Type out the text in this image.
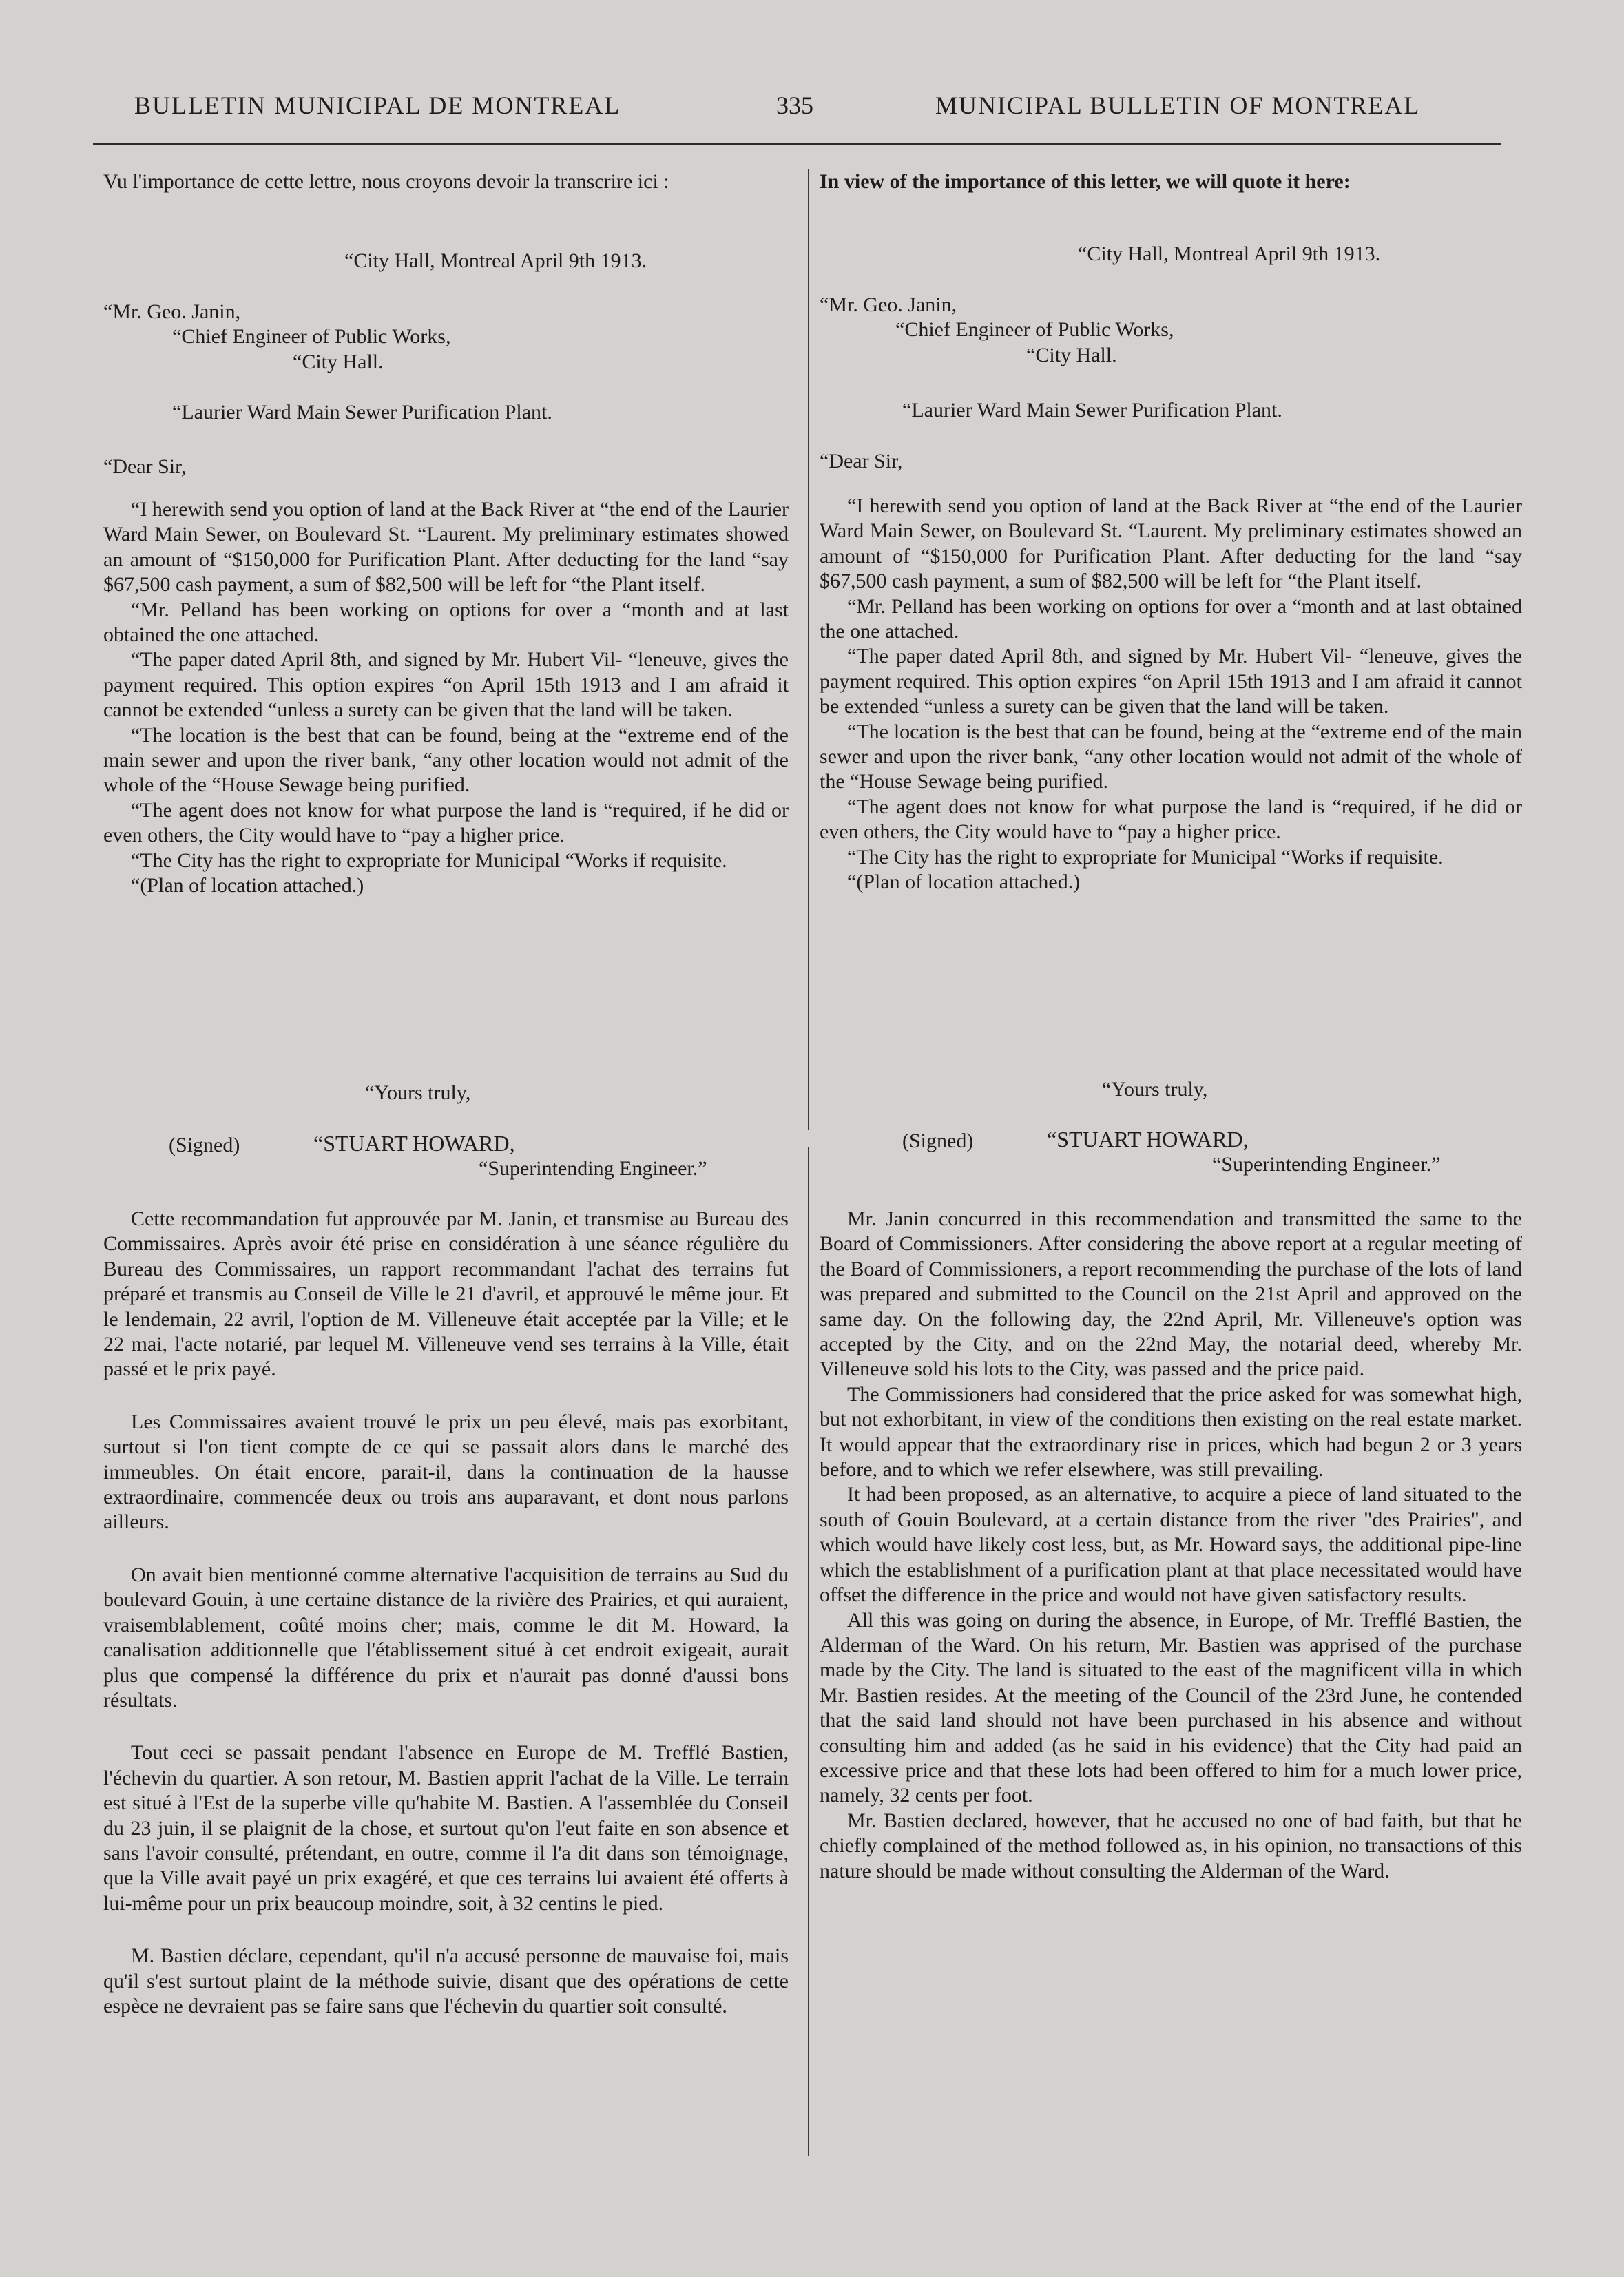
BULLETIN MUNICIPAL DE MONTREAL	335	MUNICIPAL BULLETIN OF MONTREAL
Vu l'importance de cette lettre, nous croyons devoir la transcrire ici :
“City Hall, Montreal April 9th 1913.

“Mr. Geo. Janin,

“Chief Engineer of Public Works,

“City Hall.

“Laurier Ward Main Sewer Purification Plant.
“Dear Sir,

“I herewith send you option of land at the Back River at “the end of the Laurier Ward Main Sewer, on Boulevard St. “Laurent. My preliminary estimates showed an amount of “$150,000 for Purification Plant. After deducting for the land “say $67,500 cash payment, a sum of $82,500 will be left for “the Plant itself.

“Mr. Pelland has been working on options for over a “month and at last obtained the one attached.

“The paper dated April 8th, and signed by Mr. Hubert Vil- “leneuve, gives the payment required. This option expires “on April 15th 1913 and I am afraid it cannot be extended “unless a surety can be given that the land will be taken.

“The location is the best that can be found, being at the “extreme end of the main sewer and upon the river bank, “any other location would not admit of the whole of the “House Sewage being purified.

“The agent does not know for what purpose the land is “required, if he did or even others, the City would have to “pay a higher price.

“The City has the right to expropriate for Municipal “Works if requisite.

“(Plan of location attached.)

“Yours truly,
(Signed)	“STUART HOWARD,
“Superintending Engineer.”

Cette recommandation fut approuvée par M. Janin, et transmise au Bureau des Commissaires. Après avoir été prise en considération à une séance régulière du Bureau des Commissaires, un rapport recommandant l'achat des terrains fut préparé et transmis au Conseil de Ville le 21 d'avril, et approuvé le même jour. Et le lendemain, 22 avril, l'option de M. Villeneuve était acceptée par la Ville; et le 22 mai, l'acte notarié, par lequel M. Villeneuve vend ses terrains à la Ville, était passé et le prix payé.

Les Commissaires avaient trouvé le prix un peu élevé, mais pas exorbitant, surtout si l'on tient compte de ce qui se passait alors dans le marché des immeubles. On était encore, parait-il, dans la continuation de la hausse extraordinaire, commencée deux ou trois ans auparavant, et dont nous parlons ailleurs.

On avait bien mentionné comme alternative l'acquisition de terrains au Sud du boulevard Gouin, à une certaine distance de la rivière des Prairies, et qui auraient, vraisemblablement, coûté moins cher; mais, comme le dit M. Howard, la canalisation additionnelle que l'établissement situé à cet endroit exigeait, aurait plus que compensé la différence du prix et n'aurait pas donné d'aussi bons résultats.

Tout ceci se passait pendant l'absence en Europe de M. Trefflé Bastien, l'échevin du quartier. A son retour, M. Bastien apprit l'achat de la Ville. Le terrain est situé à l'Est de la superbe ville qu'habite M. Bastien. A l'assemblée du Conseil du 23 juin, il se plaignit de la chose, et surtout qu'on l'eut faite en son absence et sans l'avoir consulté, prétendant, en outre, comme il l'a dit dans son témoignage, que la Ville avait payé un prix exagéré, et que ces terrains lui avaient été offerts à lui-même pour un prix beaucoup moindre, soit, à 32 centins le pied.

M. Bastien déclare, cependant, qu'il n'a accusé personne de mauvaise foi, mais qu'il s'est surtout plaint de la méthode suivie, disant que des opérations de cette espèce ne devraient pas se faire sans que l'échevin du quartier soit consulté.

In view of the importance of this letter, we will quote it here:
“City Hall, Montreal April 9th 1913.

“Mr. Geo. Janin,

“Chief Engineer of Public Works,

“City Hall.

“Laurier Ward Main Sewer Purification Plant.
“Dear Sir,

“I herewith send you option of land at the Back River at “the end of the Laurier Ward Main Sewer, on Boulevard St. “Laurent. My preliminary estimates showed an amount of “$150,000 for Purification Plant. After deducting for the land “say $67,500 cash payment, a sum of $82,500 will be left for “the Plant itself.

“Mr. Pelland has been working on options for over a “month and at last obtained the one attached.

“The paper dated April 8th, and signed by Mr. Hubert Vil- “leneuve, gives the payment required. This option expires “on April 15th 1913 and I am afraid it cannot be extended “unless a surety can be given that the land will be taken.

“The location is the best that can be found, being at the “extreme end of the main sewer and upon the river bank, “any other location would not admit of the whole of the “House Sewage being purified.

“The agent does not know for what purpose the land is “required, if he did or even others, the City would have to “pay a higher price.

“The City has the right to expropriate for Municipal “Works if requisite.

“(Plan of location attached.)

“Yours truly,
(Signed)	“STUART HOWARD,
“Superintending Engineer.”

Mr. Janin concurred in this recommendation and transmitted the same to the Board of Commissioners. After considering the above report at a regular meeting of the Board of Commissioners, a report recommending the purchase of the lots of land was prepared and submitted to the Council on the 21st April and approved on the same day. On the following day, the 22nd April, Mr. Villeneuve's option was accepted by the City, and on the 22nd May, the notarial deed, whereby Mr. Villeneuve sold his lots to the City, was passed and the price paid.

The Commissioners had considered that the price asked for was somewhat high, but not exhorbitant, in view of the conditions then existing on the real estate market. It would appear that the extraordinary rise in prices, which had begun 2 or 3 years before, and to which we refer elsewhere, was still prevailing.

It had been proposed, as an alternative, to acquire a piece of land situated to the south of Gouin Boulevard, at a certain distance from the river "des Prairies", and which would have likely cost less, but, as Mr. Howard says, the additional pipe-line which the establishment of a purification plant at that place necessitated would have offset the difference in the price and would not have given satisfactory results.

All this was going on during the absence, in Europe, of Mr. Trefflé Bastien, the Alderman of the Ward. On his return, Mr. Bastien was apprised of the purchase made by the City. The land is situated to the east of the magnificent villa in which Mr. Bastien resides. At the meeting of the Council of the 23rd June, he contended that the said land should not have been purchased in his absence and without consulting him and added (as he said in his evidence) that the City had paid an excessive price and that these lots had been offered to him for a much lower price, namely, 32 cents per foot.

Mr. Bastien declared, however, that he accused no one of bad faith, but that he chiefly complained of the method followed as, in his opinion, no transactions of this nature should be made without consulting the Alderman of the Ward.
